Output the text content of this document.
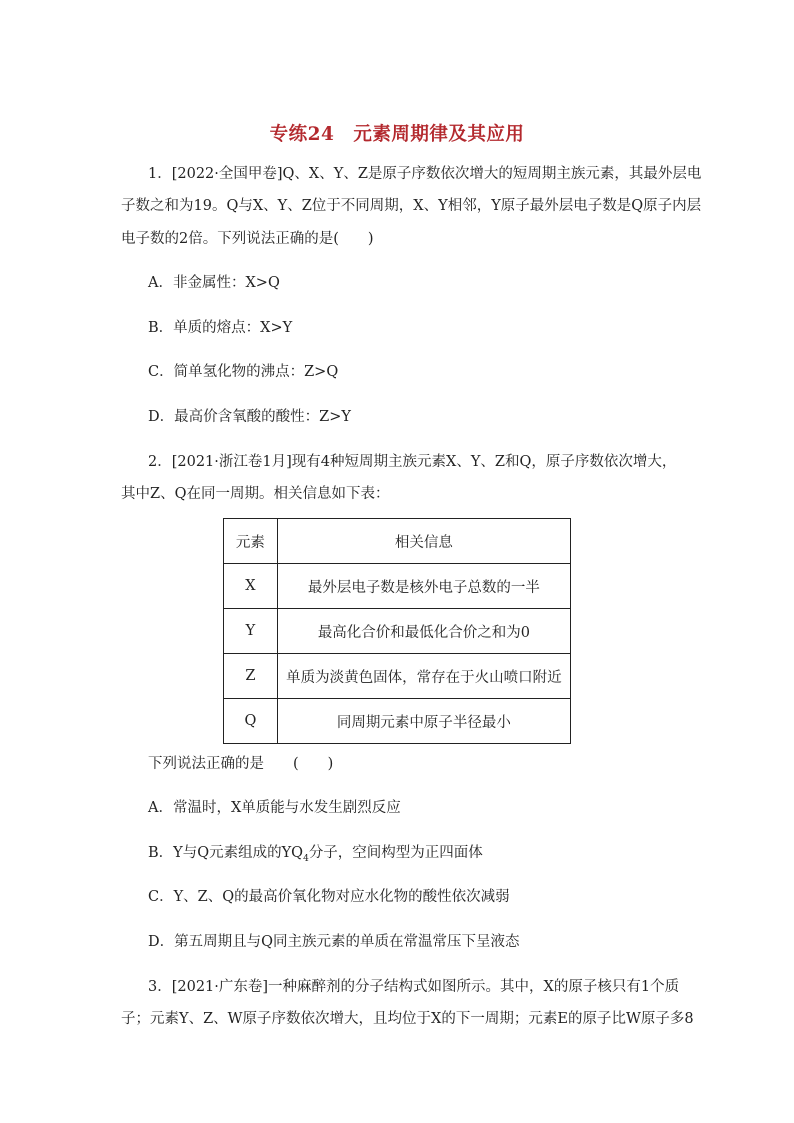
专练24　元素周期律及其应用
1．[2022·全国甲卷]Q、X、Y、Z是原子序数依次增大的短周期主族元素，其最外层电
子数之和为19。Q与X、Y、Z位于不同周期，X、Y相邻，Y原子最外层电子数是Q原子内层
电子数的2倍。下列说法正确的是(　　)
A．非金属性：X>Q
B．单质的熔点：X>Y
C．简单氢化物的沸点：Z>Q
D．最高价含氧酸的酸性：Z>Y
2．[2021·浙江卷1月]现有4种短周期主族元素X、Y、Z和Q，原子序数依次增大，
其中Z、Q在同一周期。相关信息如下表：
元素	相关信息
X	最外层电子数是核外电子总数的一半
Y	最高化合价和最低化合价之和为0
Z	单质为淡黄色固体，常存在于火山喷口附近
Q	同周期元素中原子半径最小
下列说法正确的是　　(　　)
A．常温时，X单质能与水发生剧烈反应
B．Y与Q元素组成的$YQ_4$分子，空间构型为正四面体
C．Y、Z、Q的最高价氧化物对应水化物的酸性依次减弱
D．第五周期且与Q同主族元素的单质在常温常压下呈液态
3．[2021·广东卷]一种麻醉剂的分子结构式如图所示。其中，X的原子核只有1个质
子；元素Y、Z、W原子序数依次增大，且均位于X的下一周期；元素E的原子比W原子多8
